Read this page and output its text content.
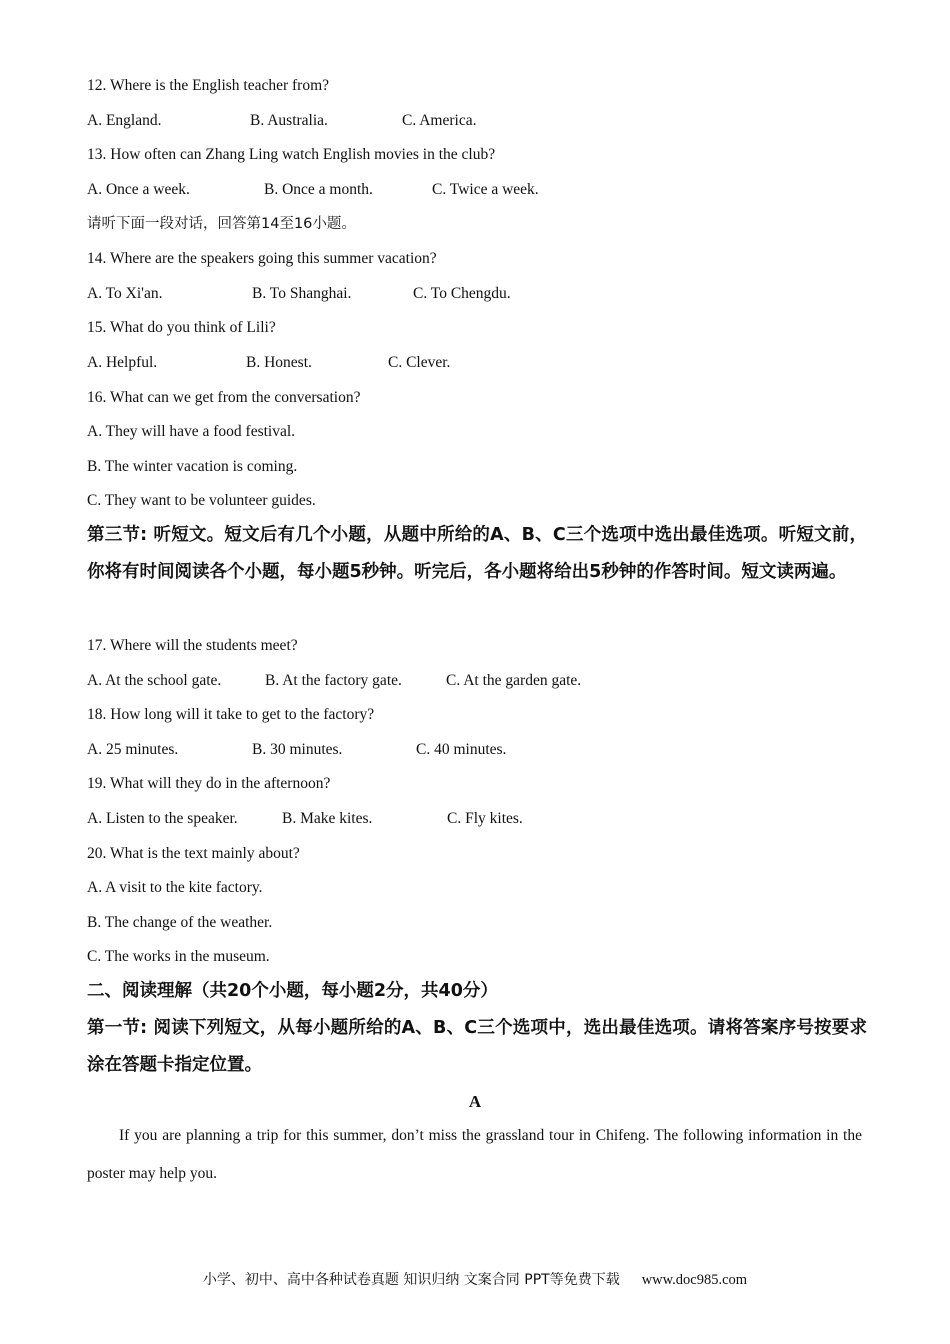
12. Where is the English teacher from?
A. England.	B. Australia.	C. America.
13. How often can Zhang Ling watch English movies in the club?
A. Once a week.	B. Once a month.	C. Twice a week.
请听下面一段对话，回答第14至16小题。
14. Where are the speakers going this summer vacation?
A. To Xi'an.	B. To Shanghai.	C. To Chengdu.
15. What do you think of Lili?
A. Helpful.	B. Honest.	C. Clever.
16. What can we get from the conversation?
A. They will have a food festival.
B. The winter vacation is coming.
C. They want to be volunteer guides.
第三节: 听短文。短文后有几个小题，从题中所给的A、B、C三个选项中选出最佳选项。听短文前，你将有时间阅读各个小题，每小题5秒钟。听完后，各小题将给出5秒钟的作答时间。短文读两遍。
17. Where will the students meet?
A. At the school gate.	B. At the factory gate.	C. At the garden gate.
18. How long will it take to get to the factory?
A. 25 minutes.	B. 30 minutes.	C. 40 minutes.
19. What will they do in the afternoon?
A. Listen to the speaker.	B. Make kites.	C. Fly kites.
20. What is the text mainly about?
A. A visit to the kite factory.
B. The change of the weather.
C. The works in the museum.
二、阅读理解（共20个小题，每小题2分，共40分）
第一节: 阅读下列短文，从每小题所给的A、B、C三个选项中，选出最佳选项。请将答案序号按要求涂在答题卡指定位置。
A
If you are planning a trip for this summer, don’t miss the grassland tour in Chifeng. The following information in the poster may help you.
小学、初中、高中各种试卷真题 知识归纳 文案合同 PPT等免费下载 www.doc985.com
